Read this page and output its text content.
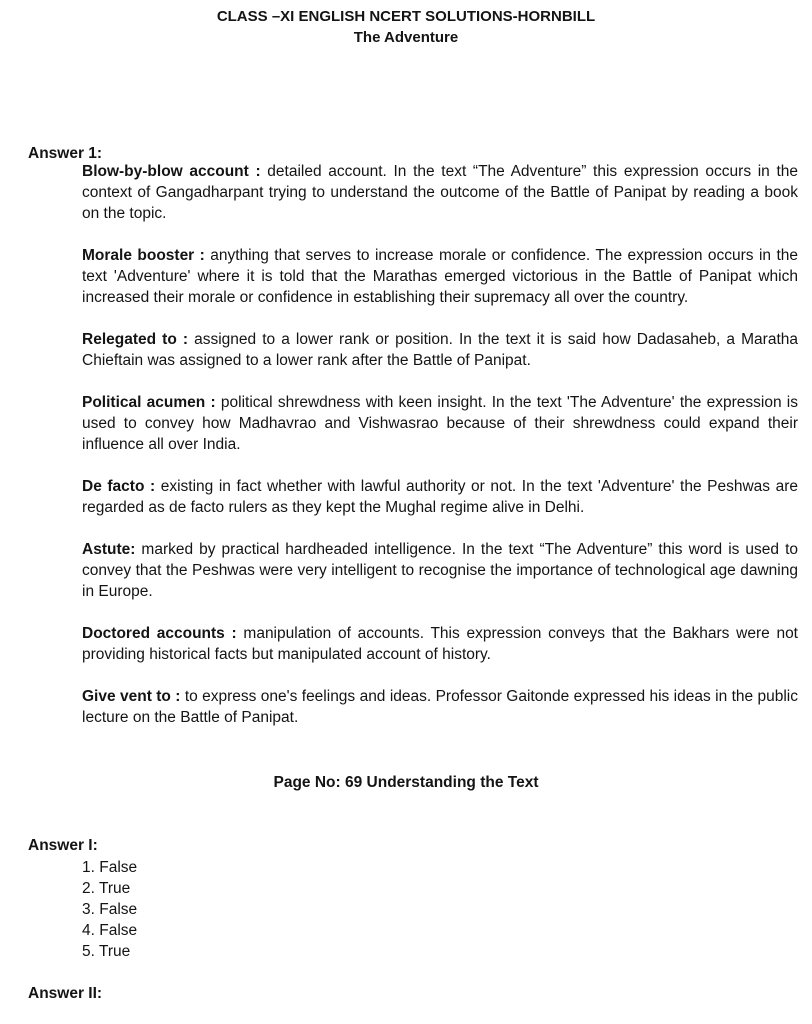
CLASS –XI ENGLISH NCERT SOLUTIONS-HORNBILL
The Adventure
Answer 1:

Blow-by-blow account : detailed account. In the text “The Adventure” this expression occurs in the context of Gangadharpant trying to understand the outcome of the Battle of Panipat by reading a book on the topic.

Morale booster : anything that serves to increase morale or confidence. The expression occurs in the text 'Adventure' where it is told that the Marathas emerged victorious in the Battle of Panipat which increased their morale or confidence in establishing their supremacy all over the country.

Relegated to : assigned to a lower rank or position. In the text it is said how Dadasaheb, a Maratha Chieftain was assigned to a lower rank after the Battle of Panipat.

Political acumen : political shrewdness with keen insight. In the text 'The Adventure' the expression is used to convey how Madhavrao and Vishwasrao because of their shrewdness could expand their influence all over India.

De facto : existing in fact whether with lawful authority or not. In the text 'Adventure' the Peshwas are regarded as de facto rulers as they kept the Mughal regime alive in Delhi.

Astute: marked by practical hardheaded intelligence. In the text “The Adventure” this word is used to convey that the Peshwas were very intelligent to recognise the importance of technological age dawning in Europe.

Doctored accounts : manipulation of accounts. This expression conveys that the Bakhars were not providing historical facts but manipulated account of history.

Give vent to : to express one's feelings and ideas. Professor Gaitonde expressed his ideas in the public lecture on the Battle of Panipat.

Page No: 69 Understanding the Text
Answer I:
1. False
2. True
3. False
4. False
5. True
Answer II:
